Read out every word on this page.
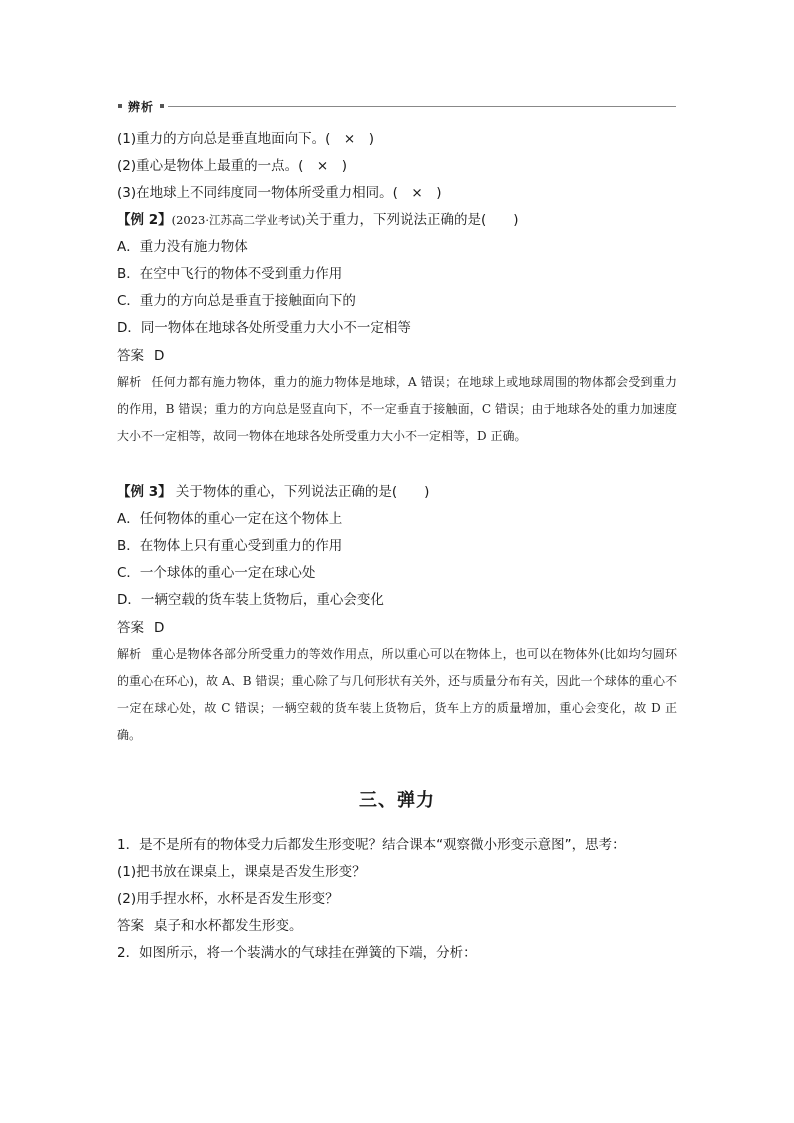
辨析
(1)重力的方向总是垂直地面向下。(　×　)
(2)重心是物体上最重的一点。(　×　)
(3)在地球上不同纬度同一物体所受重力相同。(　×　)
【例 2】(2023·江苏高二学业考试)关于重力，下列说法正确的是(　　)
A．重力没有施力物体
B．在空中飞行的物体不受到重力作用
C．重力的方向总是垂直于接触面向下的
D．同一物体在地球各处所受重力大小不一定相等
答案 D
解析 任何力都有施力物体，重力的施力物体是地球，A 错误；在地球上或地球周围的物体都会受到重力的作用，B 错误；重力的方向总是竖直向下，不一定垂直于接触面，C 错误；由于地球各处的重力加速度大小不一定相等，故同一物体在地球各处所受重力大小不一定相等，D 正确。
【例 3】 关于物体的重心，下列说法正确的是(　　)
A．任何物体的重心一定在这个物体上
B．在物体上只有重心受到重力的作用
C．一个球体的重心一定在球心处
D．一辆空载的货车装上货物后，重心会变化
答案 D
解析 重心是物体各部分所受重力的等效作用点，所以重心可以在物体上，也可以在物体外(比如均匀圆环的重心在环心)，故 A、B 错误；重心除了与几何形状有关外，还与质量分布有关，因此一个球体的重心不一定在球心处，故 C 错误；一辆空载的货车装上货物后，货车上方的质量增加，重心会变化，故 D 正确。
三、弹力
1．是不是所有的物体受力后都发生形变呢？结合课本“观察微小形变示意图”，思考：
(1)把书放在课桌上，课桌是否发生形变？
(2)用手捏水杯，水杯是否发生形变？
答案 桌子和水杯都发生形变。
2．如图所示，将一个装满水的气球挂在弹簧的下端，分析：
